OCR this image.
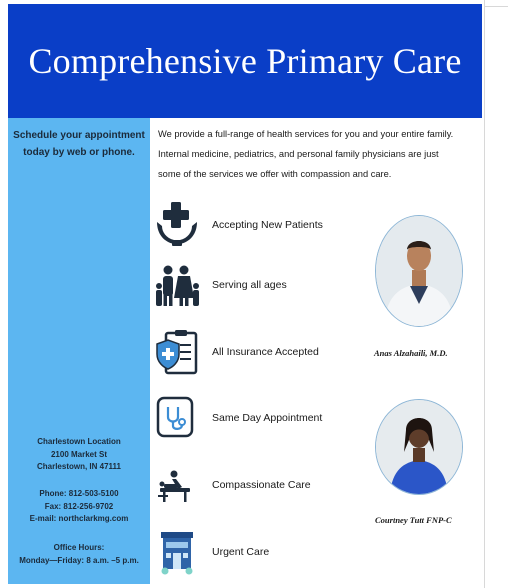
Comprehensive Primary Care
Schedule your appointment
today by web or phone.
Charlestown Location
2100 Market St
Charlestown, IN 47111
Phone: 812-503-5100
Fax: 812-256-9702
E-mail: northclarkmg.com
Office Hours:
Monday—Friday: 8 a.m. –5 p.m.
We provide a full-range of health services for you and your entire family.
Internal medicine, pediatrics, and personal family physicians are just
some of the services we offer with compassion and care.
Accepting New Patients
Serving all ages
All Insurance Accepted
Same Day Appointment
Compassionate Care
Urgent Care
Anas Alzahaili, M.D.
Courtney Tutt FNP-C
